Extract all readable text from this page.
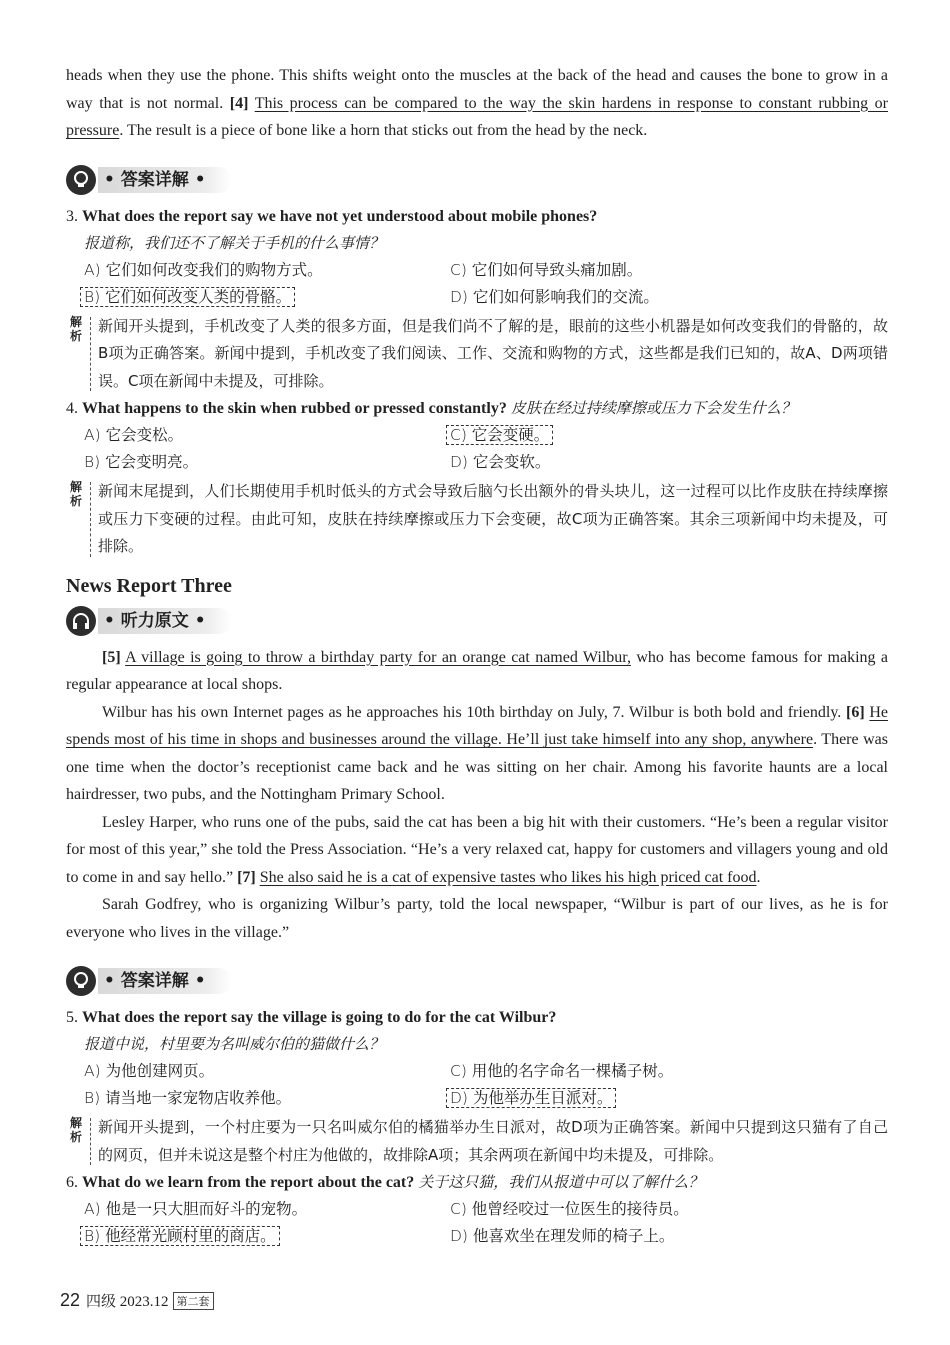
heads when they use the phone. This shifts weight onto the muscles at the back of the head and causes the bone to grow in a way that is not normal. [4] This process can be compared to the way the skin hardens in response to constant rubbing or pressure. The result is a piece of bone like a horn that sticks out from the head by the neck.

• 答案详解 •
3. What does the report say we have not yet understood about mobile phones?
报道称，我们还不了解关于手机的什么事情？
A) 它们如何改变我们的购物方式。	C) 它们如何导致头痛加剧。
B) 它们如何改变人类的骨骼。	D) 它们如何影响我们的交流。
解析
新闻开头提到，手机改变了人类的很多方面，但是我们尚不了解的是，眼前的这些小机器是如何改变我们的骨骼的，故B项为正确答案。新闻中提到，手机改变了我们阅读、工作、交流和购物的方式，这些都是我们已知的，故A、D两项错误。C项在新闻中未提及，可排除。
4. What happens to the skin when rubbed or pressed constantly? 皮肤在经过持续摩擦或压力下会发生什么？
A) 它会变松。	C) 它会变硬。
B) 它会变明亮。	D) 它会变软。
解析
新闻末尾提到，人们长期使用手机时低头的方式会导致后脑勺长出额外的骨头块儿，这一过程可以比作皮肤在持续摩擦或压力下变硬的过程。由此可知，皮肤在持续摩擦或压力下会变硬，故C项为正确答案。其余三项新闻中均未提及，可排除。
News Report Three
• 听力原文 •

[5] A village is going to throw a birthday party for an orange cat named Wilbur, who has become famous for making a regular appearance at local shops.

Wilbur has his own Internet pages as he approaches his 10th birthday on July, 7. Wilbur is both bold and friendly. [6] He spends most of his time in shops and businesses around the village. He’ll just take himself into any shop, anywhere. There was one time when the doctor’s receptionist came back and he was sitting on her chair. Among his favorite haunts are a local hairdresser, two pubs, and the Nottingham Primary School.

Lesley Harper, who runs one of the pubs, said the cat has been a big hit with their customers. “He’s been a regular visitor for most of this year,” she told the Press Association. “He’s a very relaxed cat, happy for customers and villagers young and old to come in and say hello.” [7] She also said he is a cat of expensive tastes who likes his high priced cat food.

Sarah Godfrey, who is organizing Wilbur’s party, told the local newspaper, “Wilbur is part of our lives, as he is for everyone who lives in the village.”

• 答案详解 •
5. What does the report say the village is going to do for the cat Wilbur?
报道中说，村里要为名叫威尔伯的猫做什么？
A) 为他创建网页。	C) 用他的名字命名一棵橘子树。
B) 请当地一家宠物店收养他。	D) 为他举办生日派对。
解析
新闻开头提到，一个村庄要为一只名叫威尔伯的橘猫举办生日派对，故D项为正确答案。新闻中只提到这只猫有了自己的网页，但并未说这是整个村庄为他做的，故排除A项；其余两项在新闻中均未提及，可排除。
6. What do we learn from the report about the cat? 关于这只猫，我们从报道中可以了解什么？
A) 他是一只大胆而好斗的宠物。	C) 他曾经咬过一位医生的接待员。
B) 他经常光顾村里的商店。	D) 他喜欢坐在理发师的椅子上。
22 四级 2023.12 第二套
